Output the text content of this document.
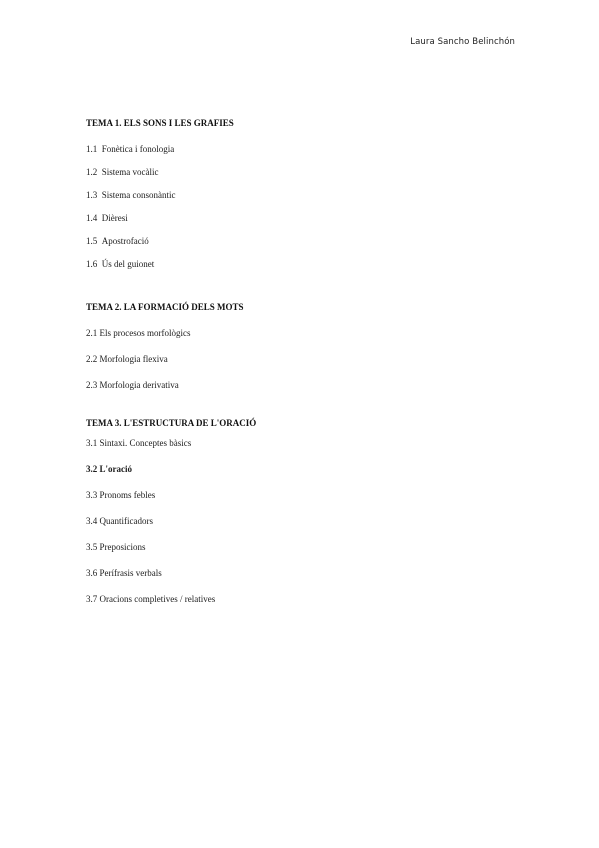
Laura Sancho Belinchón
TEMA 1. ELS SONS I LES GRAFIES
1.1 Fonètica i fonologia
1.2 Sistema vocàlic
1.3 Sistema consonàntic
1.4 Dièresi
1.5 Apostrofació
1.6 Ús del guionet
TEMA 2. LA FORMACIÓ DELS MOTS
2.1 Els procesos morfològics
2.2 Morfologia flexiva
2.3 Morfologia derivativa
TEMA 3. L'ESTRUCTURA DE L'ORACIÓ
3.1 Sintaxi. Conceptes bàsics
3.2 L'oració
3.3 Pronoms febles
3.4 Quantificadors
3.5 Preposicions
3.6 Perífrasis verbals
3.7 Oracions completives / relatives
